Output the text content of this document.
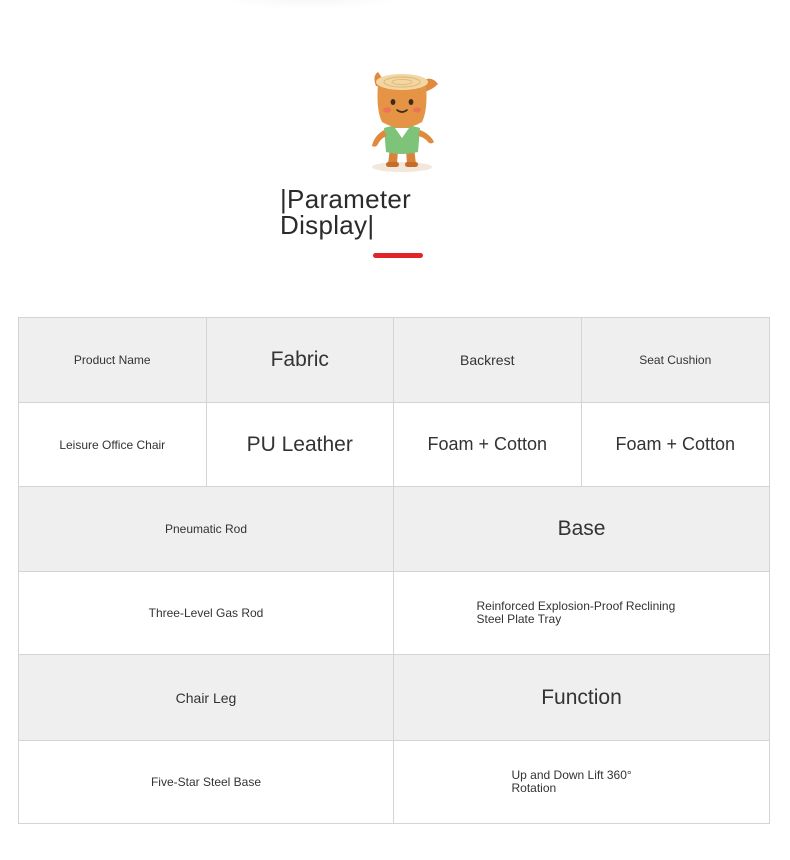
|Parameter
Display|
Product Name	Fabric	Backrest	Seat Cushion
Leisure Office Chair	PU Leather	Foam + Cotton	Foam + Cotton
Pneumatic Rod	Base
Three-Level Gas Rod	Reinforced Explosion-Proof Reclining Steel Plate Tray
Chair Leg	Function
Five-Star Steel Base	Up and Down Lift 360° Rotation
